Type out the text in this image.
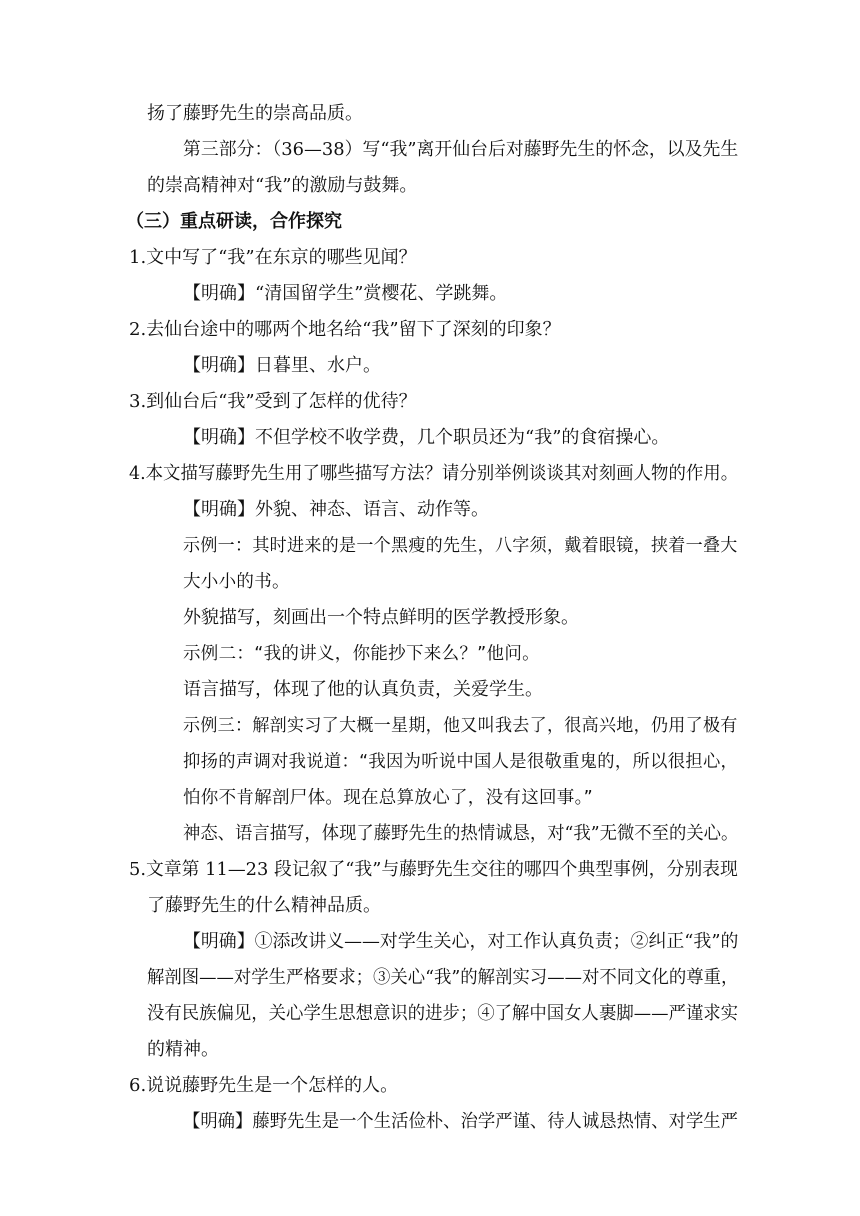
扬了藤野先生的崇高品质。
第三部分：（36—38）写“我”离开仙台后对藤野先生的怀念，以及先生
的崇高精神对“我”的激励与鼓舞。
（三）重点研读，合作探究
1.文中写了“我”在东京的哪些见闻？
【明确】“清国留学生”赏樱花、学跳舞。
2.去仙台途中的哪两个地名给“我”留下了深刻的印象？
【明确】日暮里、水户。
3.到仙台后“我”受到了怎样的优待？
【明确】不但学校不收学费，几个职员还为“我”的食宿操心。
4.本文描写藤野先生用了哪些描写方法？请分别举例谈谈其对刻画人物的作用。
【明确】外貌、神态、语言、动作等。
示例一：其时进来的是一个黑瘦的先生，八字须，戴着眼镜，挟着一叠大
大小小的书。
外貌描写，刻画出一个特点鲜明的医学教授形象。
示例二：“我的讲义，你能抄下来么？”他问。
语言描写，体现了他的认真负责，关爱学生。
示例三：解剖实习了大概一星期，他又叫我去了，很高兴地，仍用了极有
抑扬的声调对我说道：“我因为听说中国人是很敬重鬼的，所以很担心，
怕你不肯解剖尸体。现在总算放心了，没有这回事。”
神态、语言描写，体现了藤野先生的热情诚恳，对“我”无微不至的关心。
5.文章第 11—23 段记叙了“我”与藤野先生交往的哪四个典型事例，分别表现
了藤野先生的什么精神品质。
【明确】①添改讲义——对学生关心，对工作认真负责；②纠正“我”的
解剖图——对学生严格要求；③关心“我”的解剖实习——对不同文化的尊重，
没有民族偏见，关心学生思想意识的进步；④了解中国女人裹脚——严谨求实
的精神。
6.说说藤野先生是一个怎样的人。
【明确】藤野先生是一个生活俭朴、治学严谨、待人诚恳热情、对学生严
